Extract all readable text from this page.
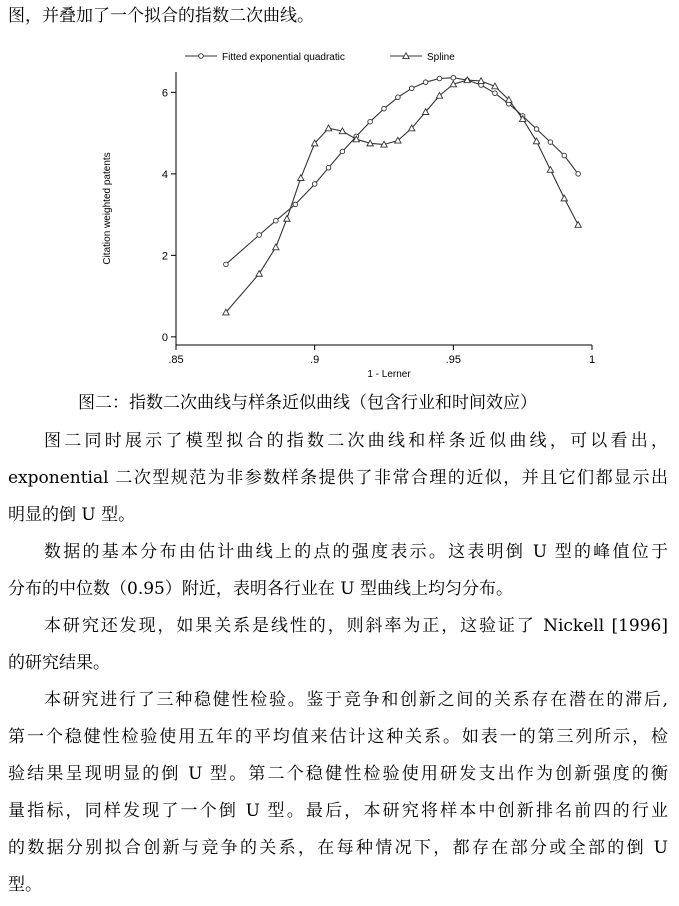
图，并叠加了一个拟合的指数二次曲线。
0
2
4
6
.85	.9	.95	1
1 - Lerner
Citation weighted patents
Fitted exponential quadratic	Spline
图二：指数二次曲线与样条近似曲线（包含行业和时间效应）
图二同时展示了模型拟合的指数二次曲线和样条近似曲线，可以看出，
exponential 二次型规范为非参数样条提供了非常合理的近似，并且它们都显示出
明显的倒 U 型。
数据的基本分布由估计曲线上的点的强度表示。这表明倒 U 型的峰值位于
分布的中位数（0.95）附近，表明各行业在 U 型曲线上均匀分布。
本研究还发现，如果关系是线性的，则斜率为正，这验证了 Nickell [1996]
的研究结果。
本研究进行了三种稳健性检验。鉴于竞争和创新之间的关系存在潜在的滞后,
第一个稳健性检验使用五年的平均值来估计这种关系。如表一的第三列所示，检
验结果呈现明显的倒 U 型。第二个稳健性检验使用研发支出作为创新强度的衡
量指标，同样发现了一个倒 U 型。最后，本研究将样本中创新排名前四的行业
的数据分别拟合创新与竞争的关系，在每种情况下，都存在部分或全部的倒 U
型。
